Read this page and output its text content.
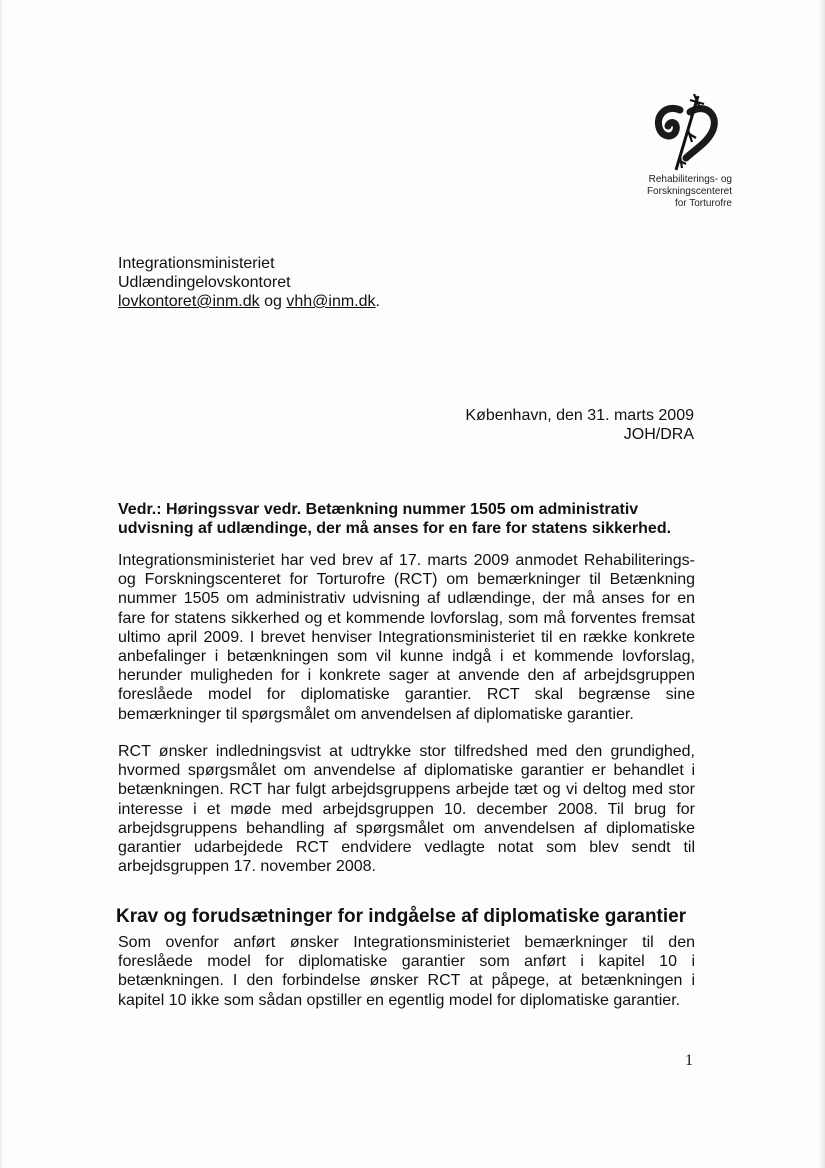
Rehabiliterings- og
Forskningscenteret
for Torturofre
Integrationsministeriet
Udlændingelovskontoret
lovkontoret@inm.dk og vhh@inm.dk.
København, den 31. marts 2009
JOH/DRA
Vedr.: Høringssvar vedr. Betænkning nummer 1505 om administrativ udvisning af udlændinge, der må anses for en fare for statens sikkerhed.
Integrationsministeriet har ved brev af 17. marts 2009 anmodet Rehabiliterings- og Forskningscenteret for Torturofre (RCT) om bemærkninger til Betænkning nummer 1505 om administrativ udvisning af udlændinge, der må anses for en fare for statens sikkerhed og et kommende lovforslag, som må forventes fremsat ultimo april 2009. I brevet henviser Integrationsministeriet til en række konkrete anbefalinger i betænkningen som vil kunne indgå i et kommende lovforslag, herunder muligheden for i konkrete sager at anvende den af arbejdsgruppen foreslåede model for diplomatiske garantier. RCT skal begrænse sine bemærkninger til spørgsmålet om anvendelsen af diplomatiske garantier.
RCT ønsker indledningsvist at udtrykke stor tilfredshed med den grundighed, hvormed spørgsmålet om anvendelse af diplomatiske garantier er behandlet i betænkningen. RCT har fulgt arbejdsgruppens arbejde tæt og vi deltog med stor interesse i et møde med arbejdsgruppen 10. december 2008. Til brug for arbejdsgruppens behandling af spørgsmålet om anvendelsen af diplomatiske garantier udarbejdede RCT endvidere vedlagte notat som blev sendt til arbejdsgruppen 17. november 2008.
Krav og forudsætninger for indgåelse af diplomatiske garantier
Som ovenfor anført ønsker Integrationsministeriet bemærkninger til den foreslåede model for diplomatiske garantier som anført i kapitel 10 i betænkningen. I den forbindelse ønsker RCT at påpege, at betænkningen i kapitel 10 ikke som sådan opstiller en egentlig model for diplomatiske garantier.
1
